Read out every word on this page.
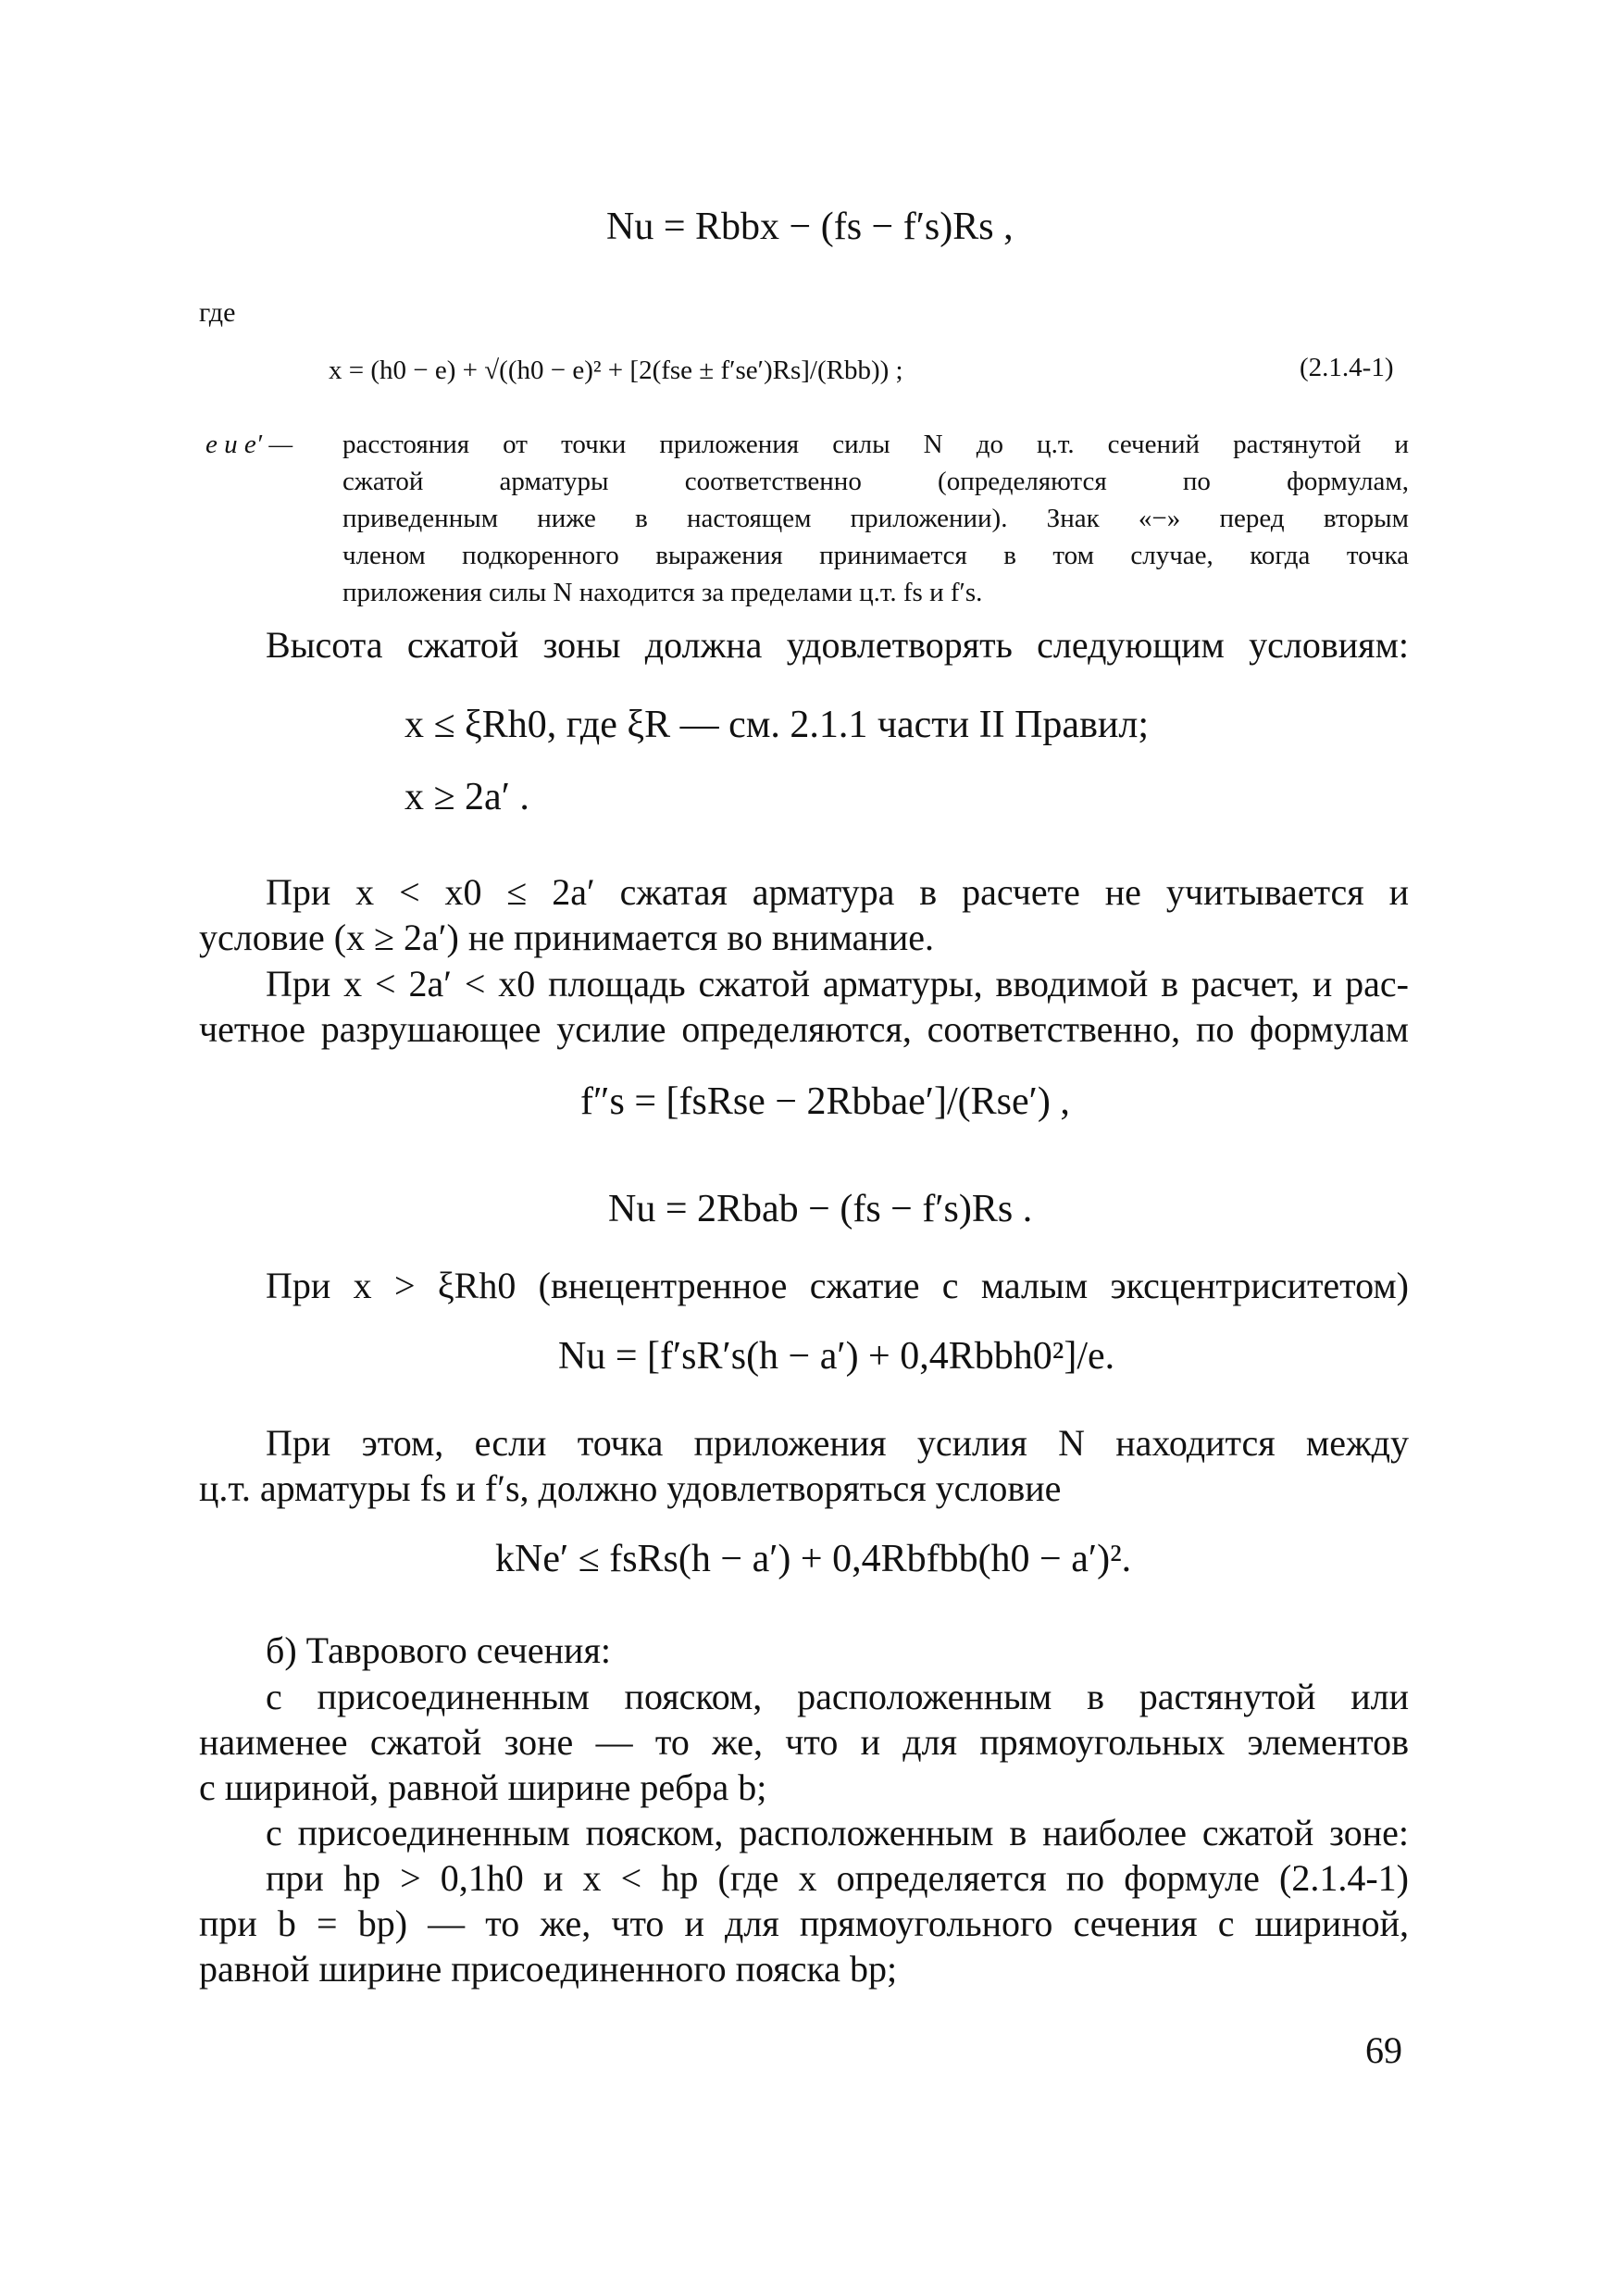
Nu = Rbbx − (fs − f′s)Rs ,
где
x = (h0 − e) + √((h0 − e)² + [2(fse ± f′se′)Rs]/(Rbb)) ;	(2.1.4-1)
e и e′ — расстояния от точки приложения силы N до ц.т. сечений растянутой и
сжатой арматуры соответственно (определяются по формулам,
приведенным ниже в настоящем приложении). Знак «−» перед вторым
членом подкоренного выражения принимается в том случае, когда точка
приложения силы N находится за пределами ц.т. fs и f′s.
Высота сжатой зоны должна удовлетворять следующим условиям:
x ≤ ξRh0, где ξR — см. 2.1.1 части II Правил;
x ≥ 2a′ .
При x < x0 ≤ 2a′ сжатая арматура в расчете не учитывается и
условие (x ≥ 2a′) не принимается во внимание.
При x < 2a′ < x0 площадь сжатой арматуры, вводимой в расчет, и рас-
четное разрушающее усилие определяются, соответственно, по формулам
f″s = [fsRse − 2Rbbae′]/(Rse′) ,
Nu = 2Rbab − (fs − f′s)Rs .
При x > ξRh0 (внецентренное сжатие с малым эксцентриситетом)
Nu = [f′sR′s(h − a′) + 0,4Rbbh0²]/e.
При этом, если точка приложения усилия N находится между
ц.т. арматуры fs и f′s, должно удовлетворяться условие
kNe′ ≤ fsRs(h − a′) + 0,4Rbfbb(h0 − a′)².
б) Таврового сечения:
с присоединенным пояском, расположенным в растянутой или
наименее сжатой зоне — то же, что и для прямоугольных элементов
с шириной, равной ширине ребра b;
с присоединенным пояском, расположенным в наиболее сжатой зоне:
при hp > 0,1h0 и x < hp (где x определяется по формуле (2.1.4-1)
при b = bp) — то же, что и для прямоугольного сечения с шириной,
равной ширине присоединенного пояска bp;
69
